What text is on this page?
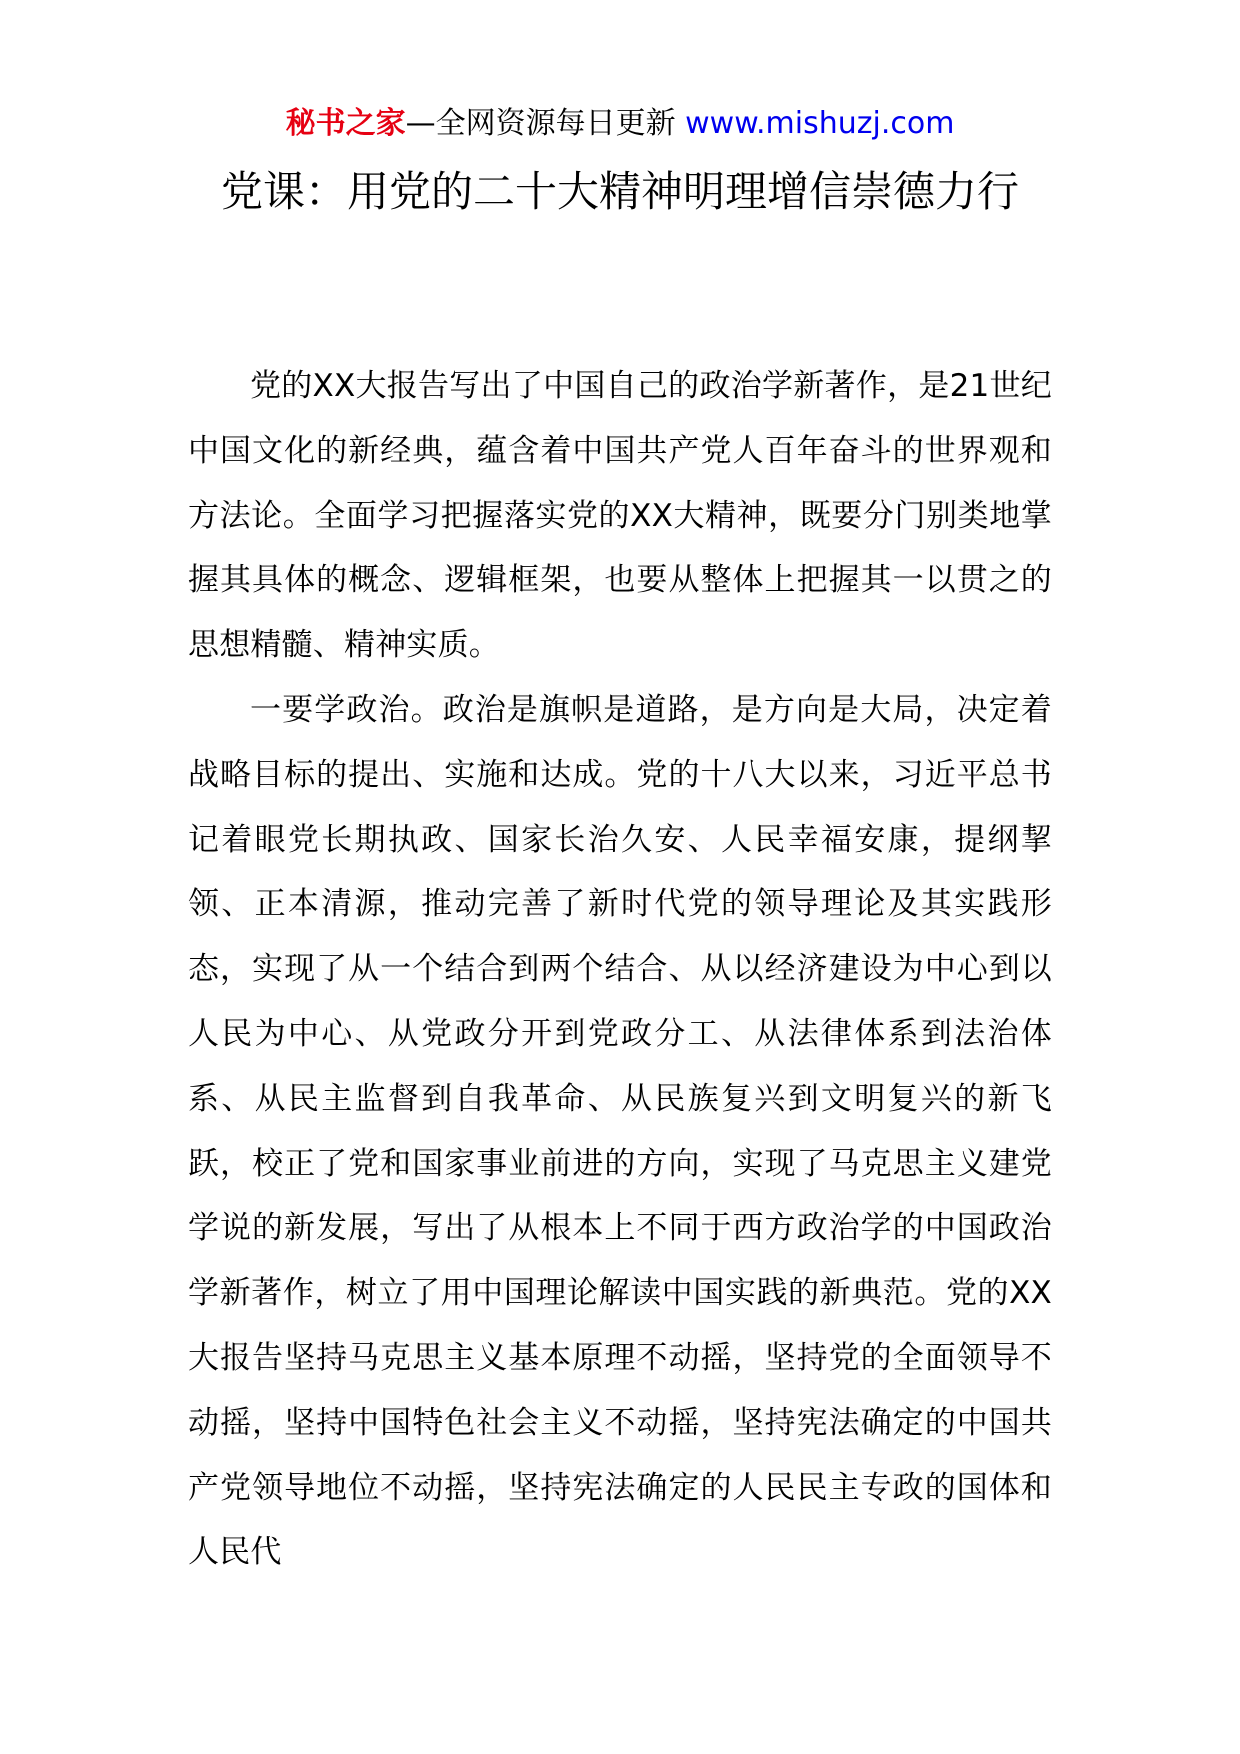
秘书之家—全网资源每日更新 www.mishuzj.com
党课：用党的二十大精神明理增信崇德力行

党的XX大报告写出了中国自己的政治学新著作，是21世纪中国文化的新经典，蕴含着中国共产党人百年奋斗的世界观和方法论。全面学习把握落实党的XX大精神，既要分门别类地掌握其具体的概念、逻辑框架，也要从整体上把握其一以贯之的思想精髓、精神实质。

一要学政治。政治是旗帜是道路，是方向是大局，决定着战略目标的提出、实施和达成。党的十八大以来，习近平总书记着眼党长期执政、国家长治久安、人民幸福安康，提纲挈领、正本清源，推动完善了新时代党的领导理论及其实践形态，实现了从一个结合到两个结合、从以经济建设为中心到以人民为中心、从党政分开到党政分工、从法律体系到法治体系、从民主监督到自我革命、从民族复兴到文明复兴的新飞跃，校正了党和国家事业前进的方向，实现了马克思主义建党学说的新发展，写出了从根本上不同于西方政治学的中国政治学新著作，树立了用中国理论解读中国实践的新典范。党的XX大报告坚持马克思主义基本原理不动摇，坚持党的全面领导不动摇，坚持中国特色社会主义不动摇，坚持宪法确定的中国共产党领导地位不动摇，坚持宪法确定的人民民主专政的国体和人民代
